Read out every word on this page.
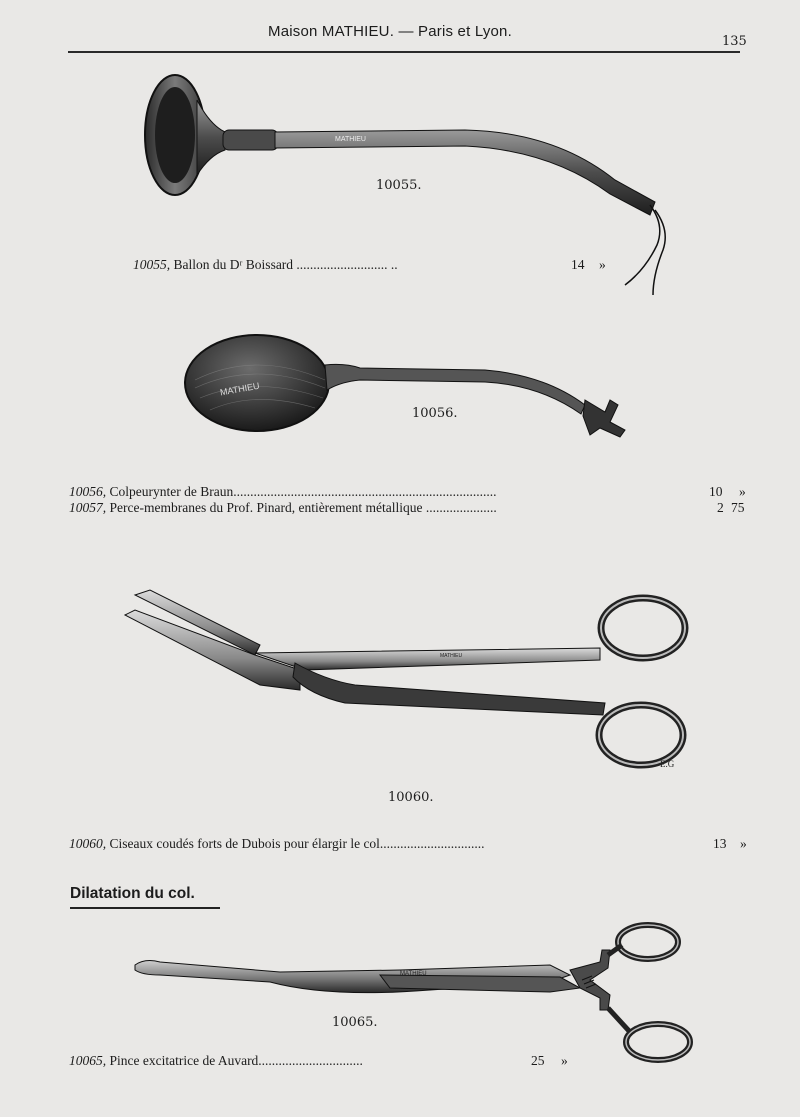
Maison MATHIEU. — Paris et Lyon.
135
MATHIEU
10055.
10055, Ballon du Dʳ Boissard ........................... ..	14 »
MATHIEU
10056.
10056, Colpeurynter de Braun..............................................................................	10 »
10057, Perce-membranes du Prof. Pinard, entièrement métallique .....................	2 75
MATHIEU
E.G
10060.
10060, Ciseaux coudés forts de Dubois pour élargir le col...............................	13 »
Dilatation du col.
MATHIEU
10065.
10065, Pince excitatrice de Auvard...............................	25 »
